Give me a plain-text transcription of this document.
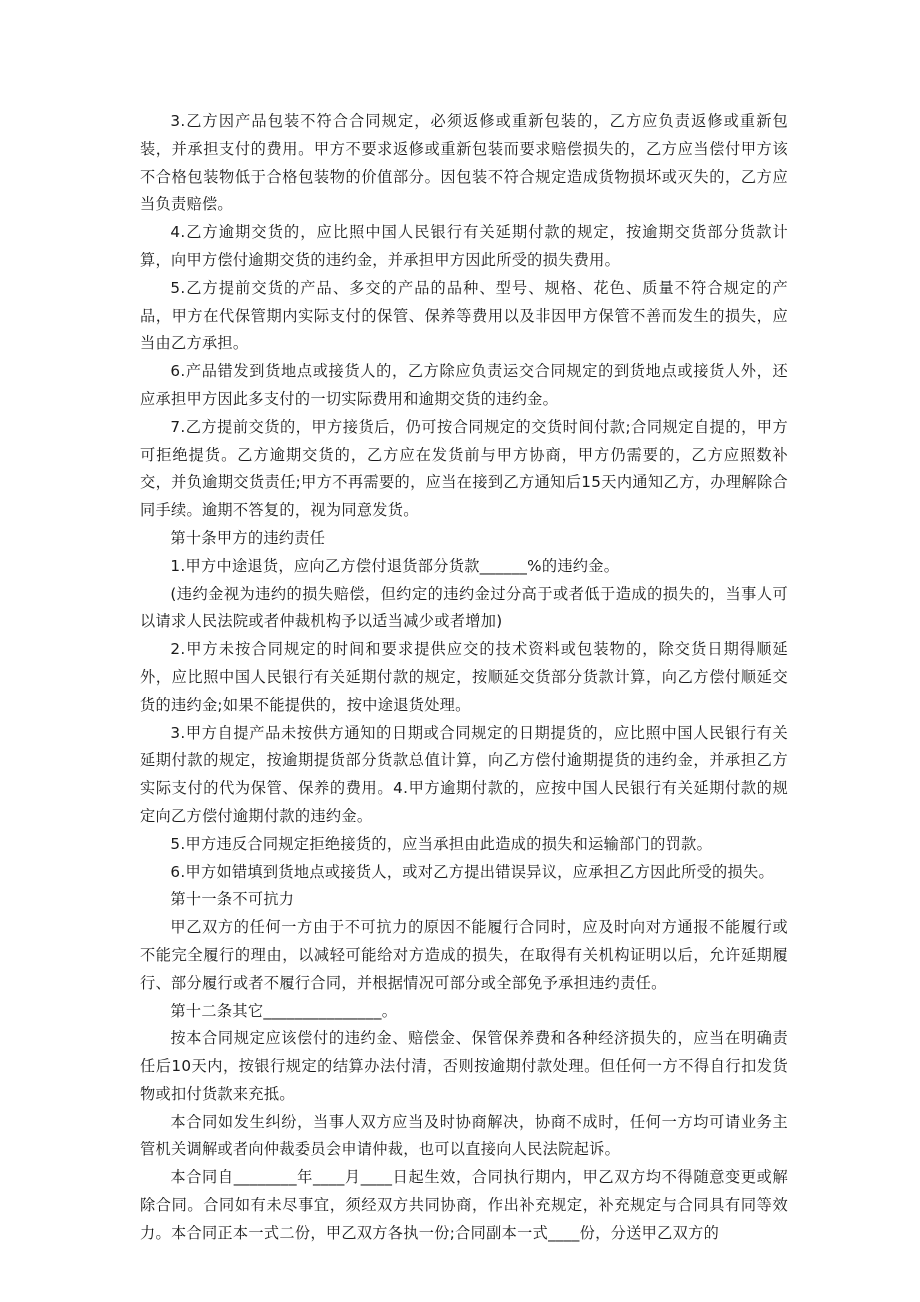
3.乙方因产品包装不符合合同规定，必须返修或重新包装的，乙方应负责返修或重新包装，并承担支付的费用。甲方不要求返修或重新包装而要求赔偿损失的，乙方应当偿付甲方该不合格包装物低于合格包装物的价值部分。因包装不符合规定造成货物损坏或灭失的，乙方应当负责赔偿。

4.乙方逾期交货的，应比照中国人民银行有关延期付款的规定，按逾期交货部分货款计算，向甲方偿付逾期交货的违约金，并承担甲方因此所受的损失费用。

5.乙方提前交货的产品、多交的产品的品种、型号、规格、花色、质量不符合规定的产品，甲方在代保管期内实际支付的保管、保养等费用以及非因甲方保管不善而发生的损失，应当由乙方承担。

6.产品错发到货地点或接货人的，乙方除应负责运交合同规定的到货地点或接货人外，还应承担甲方因此多支付的一切实际费用和逾期交货的违约金。

7.乙方提前交货的，甲方接货后，仍可按合同规定的交货时间付款;合同规定自提的，甲方可拒绝提货。乙方逾期交货的，乙方应在发货前与甲方协商，甲方仍需要的，乙方应照数补交，并负逾期交货责任;甲方不再需要的，应当在接到乙方通知后15天内通知乙方，办理解除合同手续。逾期不答复的，视为同意发货。

第十条甲方的违约责任

1.甲方中途退货，应向乙方偿付退货部分货款______%的违约金。

(违约金视为违约的损失赔偿，但约定的违约金过分高于或者低于造成的损失的，当事人可以请求人民法院或者仲裁机构予以适当减少或者增加)

2.甲方未按合同规定的时间和要求提供应交的技术资料或包装物的，除交货日期得顺延外，应比照中国人民银行有关延期付款的规定，按顺延交货部分货款计算，向乙方偿付顺延交货的违约金;如果不能提供的，按中途退货处理。

3.甲方自提产品未按供方通知的日期或合同规定的日期提货的，应比照中国人民银行有关延期付款的规定，按逾期提货部分货款总值计算，向乙方偿付逾期提货的违约金，并承担乙方实际支付的代为保管、保养的费用。4.甲方逾期付款的，应按中国人民银行有关延期付款的规定向乙方偿付逾期付款的违约金。

5.甲方违反合同规定拒绝接货的，应当承担由此造成的损失和运输部门的罚款。

6.甲方如错填到货地点或接货人，或对乙方提出错误异议，应承担乙方因此所受的损失。

第十一条不可抗力

甲乙双方的任何一方由于不可抗力的原因不能履行合同时，应及时向对方通报不能履行或不能完全履行的理由，以减轻可能给对方造成的损失，在取得有关机构证明以后，允许延期履行、部分履行或者不履行合同，并根据情况可部分或全部免予承担违约责任。

第十二条其它_______________。

按本合同规定应该偿付的违约金、赔偿金、保管保养费和各种经济损失的，应当在明确责任后10天内，按银行规定的结算办法付清，否则按逾期付款处理。但任何一方不得自行扣发货物或扣付货款来充抵。

本合同如发生纠纷，当事人双方应当及时协商解决，协商不成时，任何一方均可请业务主管机关调解或者向仲裁委员会申请仲裁，也可以直接向人民法院起诉。

本合同自________年____月____日起生效，合同执行期内，甲乙双方均不得随意变更或解除合同。合同如有未尽事宜，须经双方共同协商，作出补充规定，补充规定与合同具有同等效力。本合同正本一式二份，甲乙双方各执一份;合同副本一式____份，分送甲乙双方的
